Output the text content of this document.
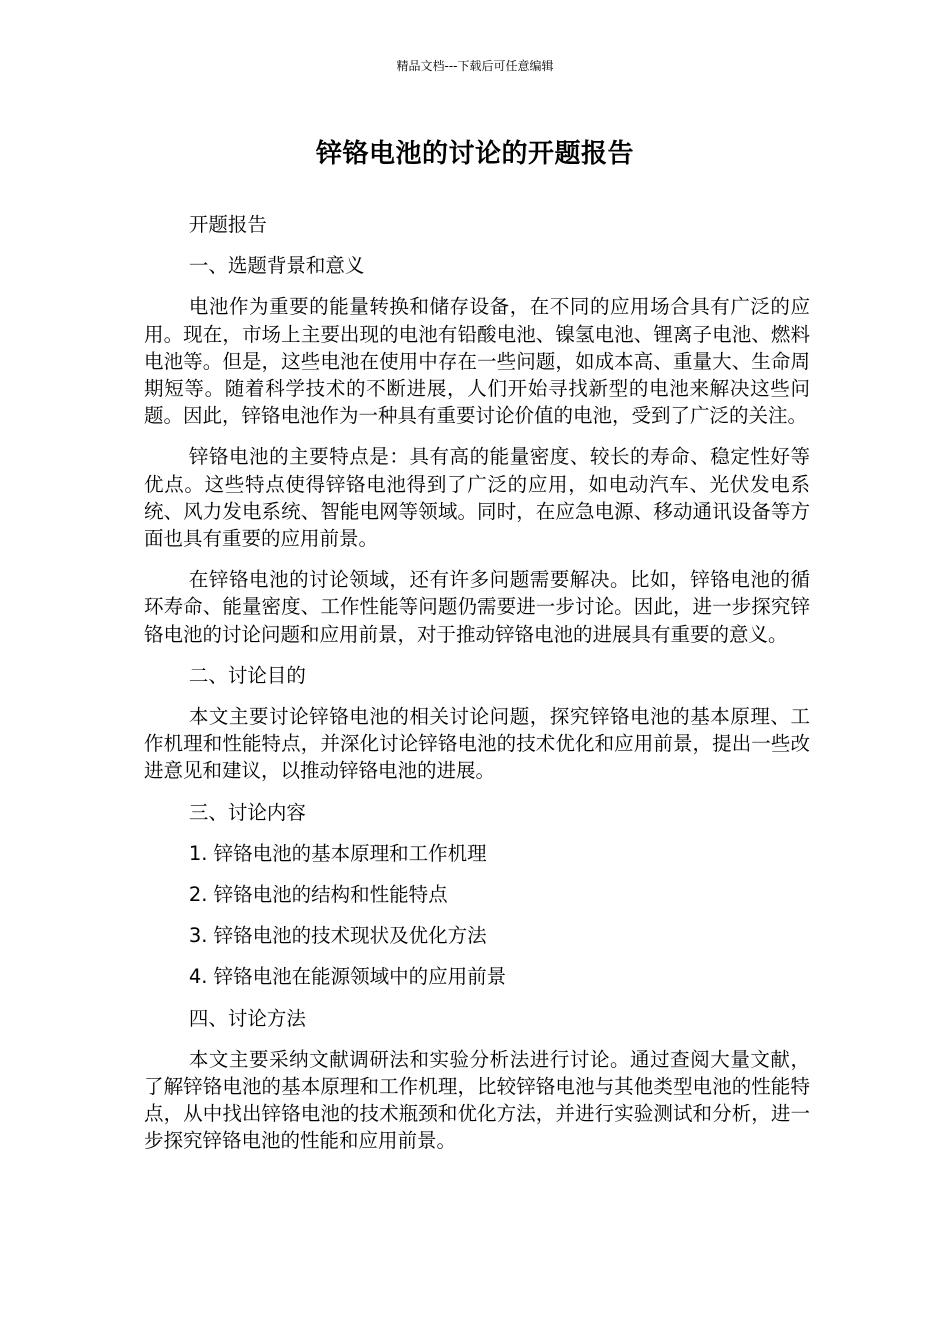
精品文档---下载后可任意编辑
锌铬电池的讨论的开题报告

开题报告

一、选题背景和意义

电池作为重要的能量转换和储存设备，在不同的应用场合具有广泛的应用。现在，市场上主要出现的电池有铅酸电池、镍氢电池、锂离子电池、燃料电池等。但是，这些电池在使用中存在一些问题，如成本高、重量大、生命周期短等。随着科学技术的不断进展，人们开始寻找新型的电池来解决这些问题。因此，锌铬电池作为一种具有重要讨论价值的电池，受到了广泛的关注。

锌铬电池的主要特点是：具有高的能量密度、较长的寿命、稳定性好等优点。这些特点使得锌铬电池得到了广泛的应用，如电动汽车、光伏发电系统、风力发电系统、智能电网等领域。同时，在应急电源、移动通讯设备等方面也具有重要的应用前景。

在锌铬电池的讨论领域，还有许多问题需要解决。比如，锌铬电池的循环寿命、能量密度、工作性能等问题仍需要进一步讨论。因此，进一步探究锌铬电池的讨论问题和应用前景，对于推动锌铬电池的进展具有重要的意义。

二、讨论目的

本文主要讨论锌铬电池的相关讨论问题，探究锌铬电池的基本原理、工作机理和性能特点，并深化讨论锌铬电池的技术优化和应用前景，提出一些改进意见和建议，以推动锌铬电池的进展。

三、讨论内容

1. 锌铬电池的基本原理和工作机理

2. 锌铬电池的结构和性能特点

3. 锌铬电池的技术现状及优化方法

4. 锌铬电池在能源领域中的应用前景

四、讨论方法

本文主要采纳文献调研法和实验分析法进行讨论。通过查阅大量文献，了解锌铬电池的基本原理和工作机理，比较锌铬电池与其他类型电池的性能特点，从中找出锌铬电池的技术瓶颈和优化方法，并进行实验测试和分析，进一步探究锌铬电池的性能和应用前景。
